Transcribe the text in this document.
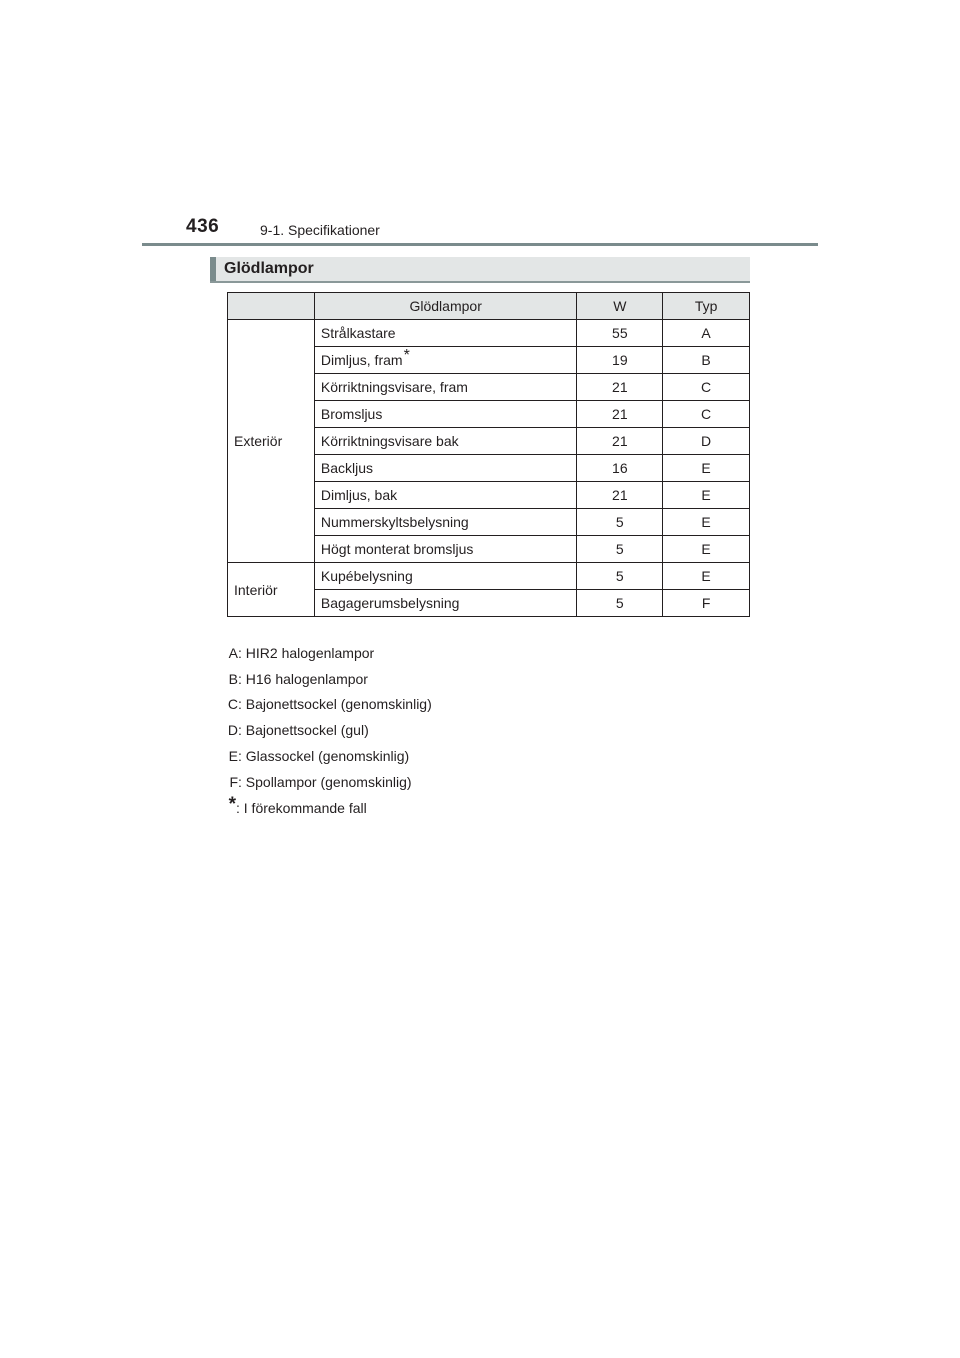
436	9-1. Specifikationer
Glödlampor
	Glödlampor	W	Typ
Exteriör	Strålkastare	55	A
	Dimljus, fram*	19	B
	Körriktningsvisare, fram	21	C
	Bromsljus	21	C
	Körriktningsvisare bak	21	D
	Backljus	16	E
	Dimljus, bak	21	E
	Nummerskyltsbelysning	5	E
	Högt monterat bromsljus	5	E
Interiör	Kupébelysning	5	E
	Bagagerumsbelysning	5	F
A : HIR2 halogenlampor
B : H16 halogenlampor
C : Bajonettsockel (genomskinlig)
D : Bajonettsockel (gul)
E : Glassockel (genomskinlig)
F : Spollampor (genomskinlig)
* : I förekommande fall
